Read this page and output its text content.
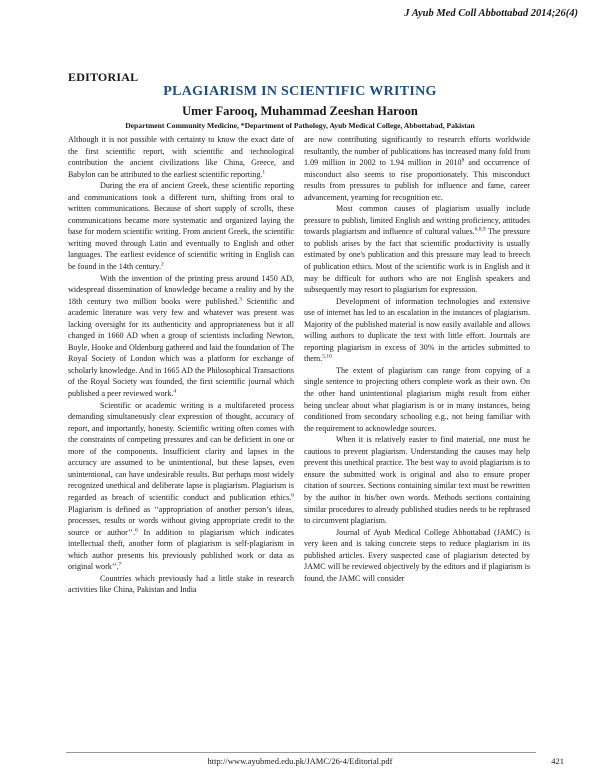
J Ayub Med Coll Abbottabad 2014;26(4)
EDITORIAL
PLAGIARISM IN SCIENTIFIC WRITING
Umer Farooq, Muhammad Zeeshan Haroon
Department Community Medicine, *Department of Pathology, Ayub Medical College, Abbottabad, Pakistan

Although it is not possible with certainty to know the exact date of the first scientific report, with scientific and technological contribution the ancient civilizations like China, Greece, and Babylon can be attributed to the earliest scientific reporting.$^1$

During the era of ancient Greek, these scientific reporting and communications took a different turn, shifting from oral to written communications. Because of short supply of scrolls, these communications became more systematic and organized laying the base for modern scientific writing. From ancient Greek, the scientific writing moved through Latin and eventually to English and other languages. The earliest evidence of scientific writing in English can be found in the 14th century.$^2$

With the invention of the printing press around 1450 AD, widespread dissemination of knowledge became a reality and by the 18th century two million books were published.$^3$ Scientific and academic literature was very few and whatever was present was lacking oversight for its authenticity and appropriateness but it all changed in 1660 AD when a group of scientists including Newton, Boyle, Hooke and Oldenburg gathered and laid the foundation of The Royal Society of London which was a platform for exchange of scholarly knowledge. And in 1665 AD the Philosophical Transactions of the Royal Society was founded, the first scientific journal which published a peer reviewed work.$^4$

Scientific or academic writing is a multifaceted process demanding simultaneously clear expression of thought, accuracy of report, and importantly, honesty. Scientific writing often comes with the constraints of competing pressures and can be deficient in one or more of the components. Insufficient clarity and lapses in the accuracy are assumed to be unintentional, but these lapses, even unintentional, can have undesirable results. But perhaps most widely recognized unethical and deliberate lapse is plagiarism. Plagiarism is regarded as breach of scientific conduct and publication ethics.$^6$ Plagiarism is defined as ‘‘appropriation of another person’s ideas, processes, results or words without giving appropriate credit to the source or author’’.$^6$ In addition to plagiarism which indicates intellectual theft, another form of plagiarism is self-plagiarism in which author presents his previously published work or data as original work’’.$^7$

Countries which previously had a little stake in research activities like China, Pakistan and India

are now contributing significantly to research efforts worldwide resultantly, the number of publications has increased many fold from 1.09 million in 2002 to 1.94 million in 2010$^8$ and occurrence of misconduct also seems to rise proportionately. This misconduct results from pressures to publish for influence and fame, career advancement, yearning for recognition etc.

Most common causes of plagiarism usually include pressure to publish, limited English and writing proficiency, attitudes towards plagiarism and influence of cultural values.$^{6,8,9}$ The pressure to publish arises by the fact that scientific productivity is usually estimated by one's publication and this pressure may lead to breech of publication ethics. Most of the scientific work is in English and it may be difficult for authors who are not English speakers and subsequently may resort to plagiarism for expression.

Development of information technologies and extensive use of internet has led to an escalation in the instances of plagiarism. Majority of the published material is now easily available and allows willing authors to duplicate the text with little effort. Journals are reporting plagiarism in excess of 30% in the articles submitted to them.$^{5,10}$

The extent of plagiarism can range from copying of a single sentence to projecting others complete work as their own. On the other hand unintentional plagiarism might result from either being unclear about what plagiarism is or in many instances, being conditioned from secondary schooling e.g., not being familiar with the requirement to acknowledge sources.

When it is relatively easier to find material, one must be cautious to prevent plagiarism. Understanding the causes may help prevent this unethical practice. The best way to avoid plagiarism is to ensure the submitted work is original and also to ensure proper citation of sources. Sections containing similar text must be rewritten by the author in his/her own words. Methods sections containing similar procedures to already published studies needs to be rephrased to circumvent plagiarism.

Journal of Ayub Medical College Abbottabad (JAMC) is very keen and is taking concrete steps to reduce plagiarism in its published articles. Every suspected case of plagiarism detected by JAMC will be reviewed objectively by the editors and if plagiarism is found, the JAMC will consider

http://www.ayubmed.edu.pk/JAMC/26-4/Editorial.pdf	421
